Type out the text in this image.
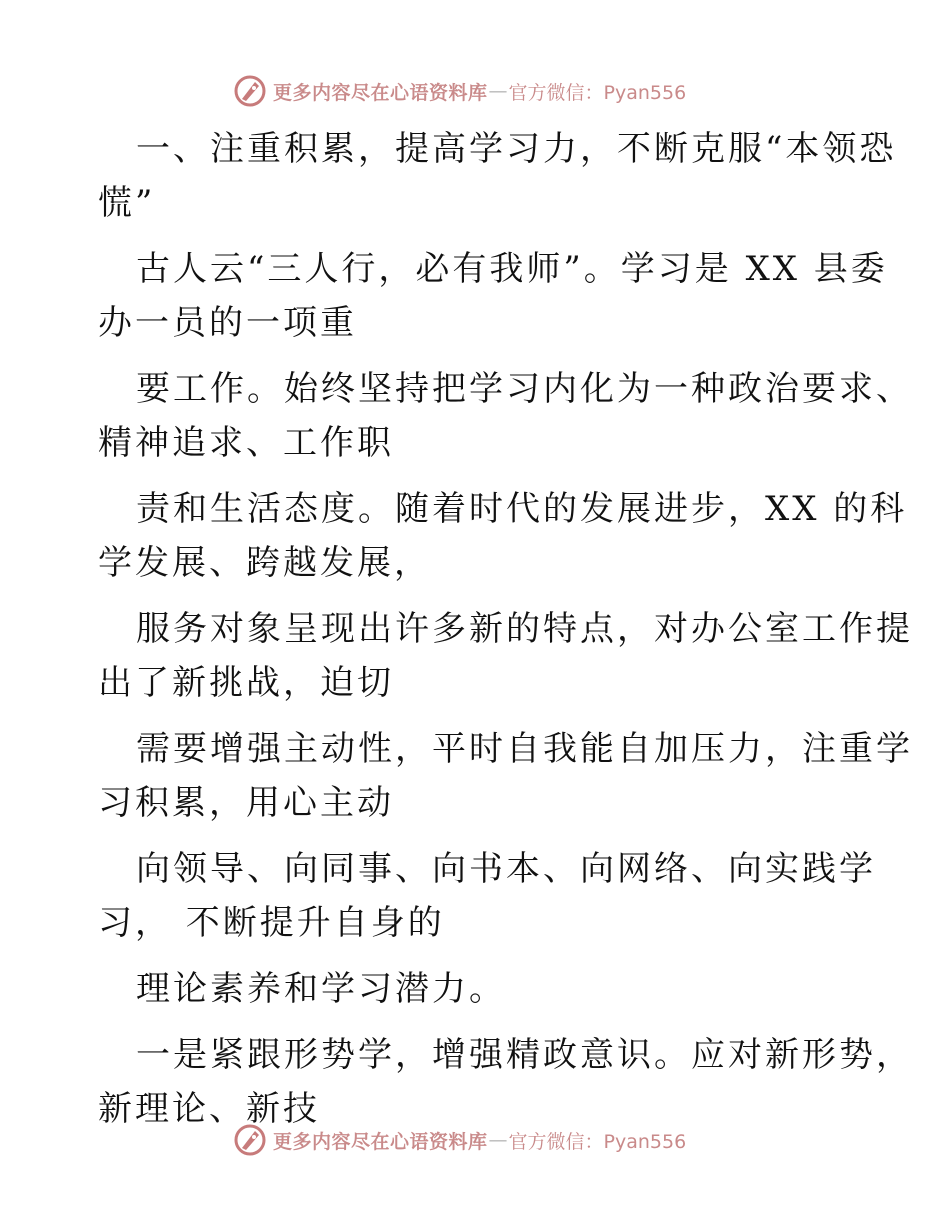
更多内容尽在心语资料库 — 官方微信：Pyan556
一、注重积累，提高学习力，不断克服“本领恐
慌”
古人云“三人行，必有我师”。学习是 XX 县委
办一员的一项重
要工作。始终坚持把学习内化为一种政治要求、
精神追求、工作职
责和生活态度。随着时代的发展进步，XX 的科
学发展、跨越发展，
服务对象呈现出许多新的特点，对办公室工作提
出了新挑战，迫切
需要增强主动性，平时自我能自加压力，注重学
习积累，用心主动
向领导、向同事、向书本、向网络、向实践学
习， 不断提升自身的
理论素养和学习潜力。
一是紧跟形势学，增强精政意识。应对新形势，
新理论、新技
更多内容尽在心语资料库 — 官方微信：Pyan556
